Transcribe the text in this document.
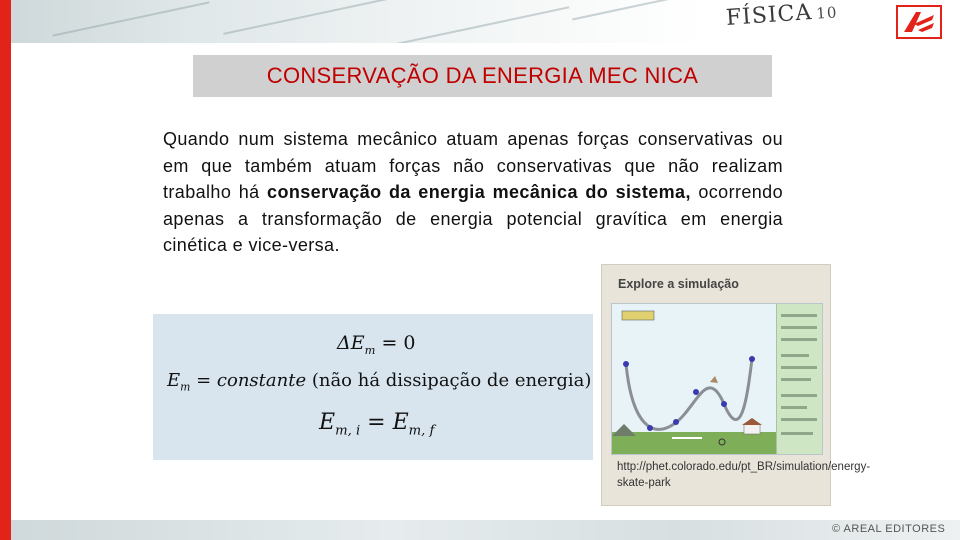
FÍSICA 10
CONSERVAÇÃO DA ENERGIA MEC NICA

Quando num sistema mecânico atuam apenas forças conservativas ou em que também atuam forças não conservativas que não realizam trabalho há conservação da energia mecânica do sistema, ocorrendo apenas a transformação de energia potencial gravítica em energia cinética e vice-versa.

$\Delta E_m = 0$
$E_m$ = constante (não há dissipação de energia)
$E_{m, i} = E_{m, f}$
Explore a simulação
http://phet.colorado.edu/pt_BR/simulation/energy-skate-park
© AREAL EDITORES
